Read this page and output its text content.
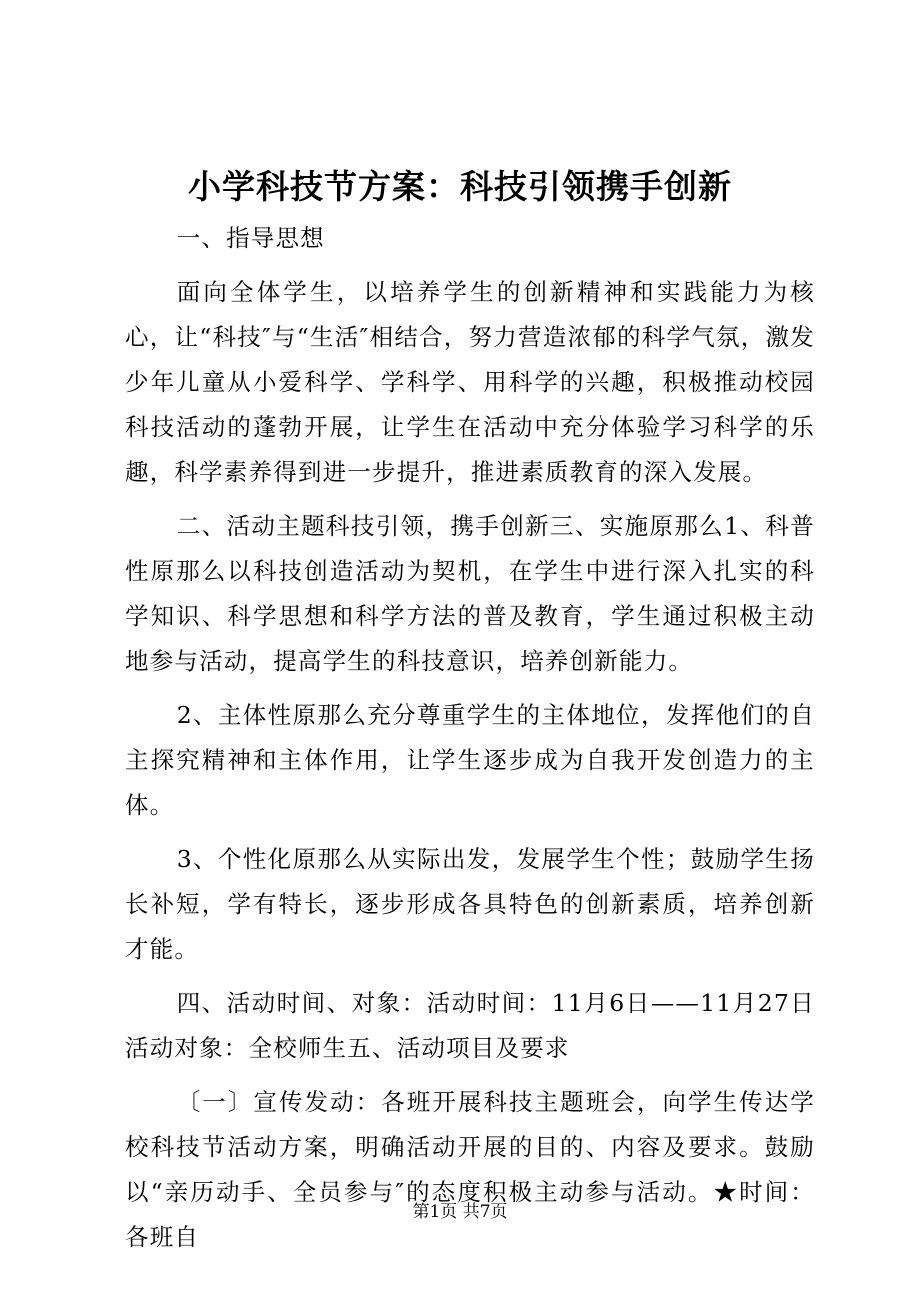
小学科技节方案：科技引领携手创新

一、指导思想

面向全体学生，以培养学生的创新精神和实践能力为核心，让“科技″与“生活″相结合，努力营造浓郁的科学气氛，激发少年儿童从小爱科学、学科学、用科学的兴趣，积极推动校园科技活动的蓬勃开展，让学生在活动中充分体验学习科学的乐趣，科学素养得到进一步提升，推进素质教育的深入发展。

二、活动主题科技引领，携手创新三、实施原那么1、科普性原那么以科技创造活动为契机，在学生中进行深入扎实的科学知识、科学思想和科学方法的普及教育，学生通过积极主动地参与活动，提高学生的科技意识，培养创新能力。

2、主体性原那么充分尊重学生的主体地位，发挥他们的自主探究精神和主体作用，让学生逐步成为自我开发创造力的主体。

3、个性化原那么从实际出发，发展学生个性；鼓励学生扬长补短，学有特长，逐步形成各具特色的创新素质，培养创新才能。

四、活动时间、对象：活动时间：11月6日——11月27日活动对象：全校师生五、活动项目及要求

〔一〕宣传发动：各班开展科技主题班会，向学生传达学校科技节活动方案，明确活动开展的目的、内容及要求。鼓励以“亲历动手、全员参与″的态度积极主动参与活动。★时间：各班自

第1页 共7页
